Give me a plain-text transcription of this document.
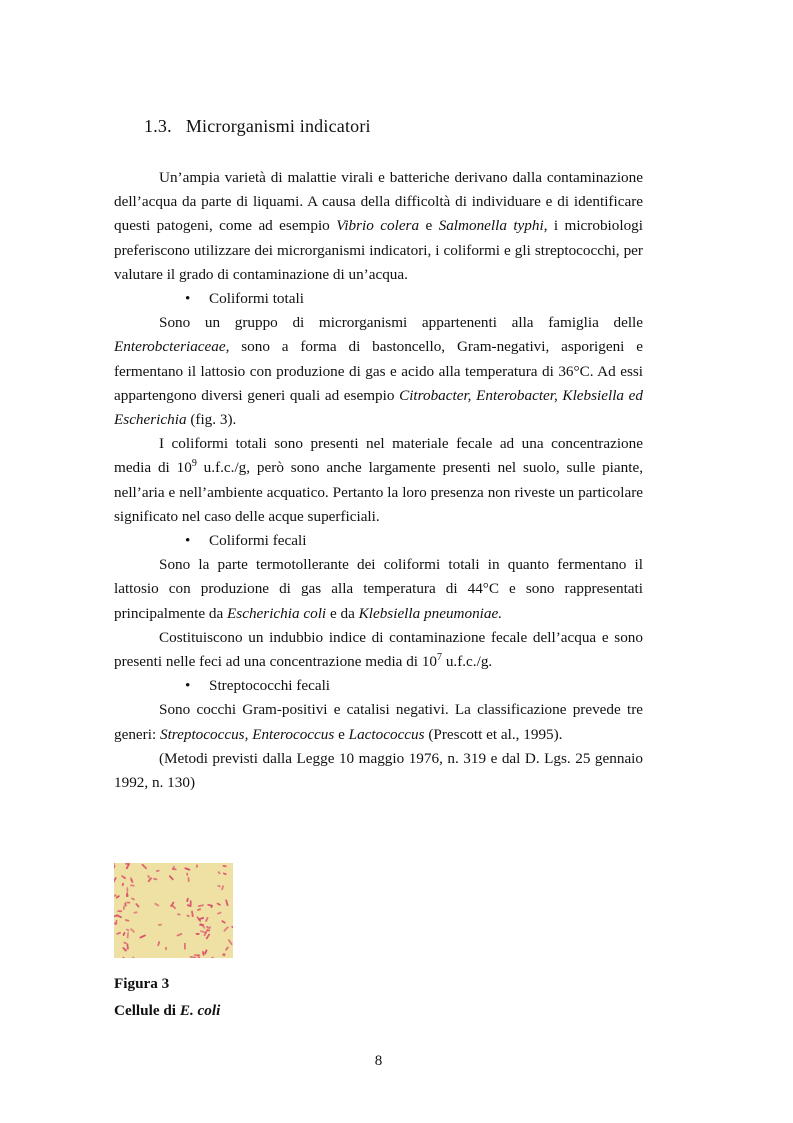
1.3. Microrganismi indicatori

Un’ampia varietà di malattie virali e batteriche derivano dalla contaminazione dell’acqua da parte di liquami. A causa della difficoltà di individuare e di identificare questi patogeni, come ad esempio Vibrio colera e Salmonella typhi, i microbiologi preferiscono utilizzare dei microrganismi indicatori, i coliformi e gli streptococchi, per valutare il grado di contaminazione di un’acqua.

• Coliformi totali

Sono un gruppo di microrganismi appartenenti alla famiglia delle Enterobcteriaceae, sono a forma di bastoncello, Gram-negativi, asporigeni e fermentano il lattosio con produzione di gas e acido alla temperatura di 36°C. Ad essi appartengono diversi generi quali ad esempio Citrobacter, Enterobacter, Klebsiella ed Escherichia (fig. 3).

I coliformi totali sono presenti nel materiale fecale ad una concentrazione media di $10^9$ u.f.c./g, però sono anche largamente presenti nel suolo, sulle piante, nell’aria e nell’ambiente acquatico. Pertanto la loro presenza non riveste un particolare significato nel caso delle acque superficiali.

• Coliformi fecali

Sono la parte termotollerante dei coliformi totali in quanto fermentano il lattosio con produzione di gas alla temperatura di 44°C e sono rappresentati principalmente da Escherichia coli e da Klebsiella pneumoniae.

Costituiscono un indubbio indice di contaminazione fecale dell’acqua e sono presenti nelle feci ad una concentrazione media di $10^7$ u.f.c./g.

• Streptococchi fecali

Sono cocchi Gram-positivi e catalisi negativi. La classificazione prevede tre generi: Streptococcus, Enterococcus e Lactococcus (Prescott et al., 1995).

(Metodi previsti dalla Legge 10 maggio 1976, n. 319 e dal D. Lgs. 25 gennaio 1992, n. 130)

Figura 3
Cellule di E. coli
8
